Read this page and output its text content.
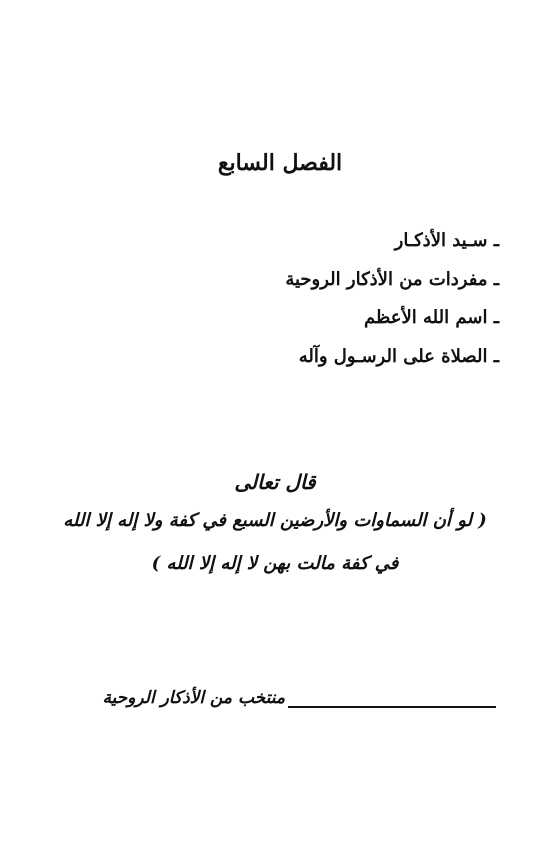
الفصل السابع
ـ سـيد الأذكـار
ـ مفردات من الأذكار الروحية
ـ اسم الله الأعظم
ـ الصلاة على الرسـول وآله
قال تعالى
( لو أن السماوات والأرضين السبع في كفة ولا إله إلا الله
في كفة مالت بهن لا إله إلا الله )
منتخب من الأذكار الروحية
